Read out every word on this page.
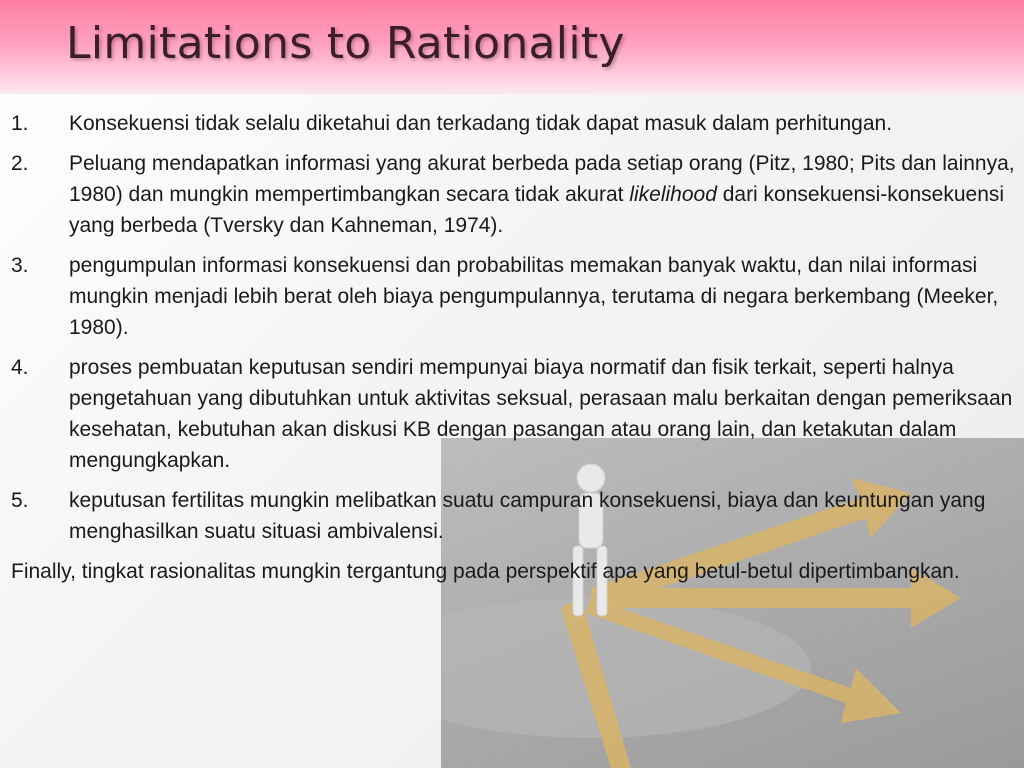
Limitations to Rationality
1. Konsekuensi tidak selalu diketahui dan terkadang tidak dapat masuk dalam perhitungan.
2. Peluang mendapatkan informasi yang akurat berbeda pada setiap orang (Pitz, 1980; Pits dan lainnya, 1980) dan mungkin mempertimbangkan secara tidak akurat likelihood dari konsekuensi-konsekuensi yang berbeda (Tversky dan Kahneman, 1974).
3. pengumpulan informasi konsekuensi dan probabilitas memakan banyak waktu, dan nilai informasi mungkin menjadi lebih berat oleh biaya pengumpulannya, terutama di negara berkembang (Meeker, 1980).
4. proses pembuatan keputusan sendiri mempunyai biaya normatif dan fisik terkait, seperti halnya pengetahuan yang dibutuhkan untuk aktivitas seksual, perasaan malu berkaitan dengan pemeriksaan kesehatan, kebutuhan akan diskusi KB dengan pasangan atau orang lain, dan ketakutan dalam mengungkapkan.
5. keputusan fertilitas mungkin melibatkan suatu campuran konsekuensi, biaya dan keuntungan yang menghasilkan suatu situasi ambivalensi.
Finally, tingkat rasionalitas mungkin tergantung pada perspektif apa yang betul-betul dipertimbangkan.
